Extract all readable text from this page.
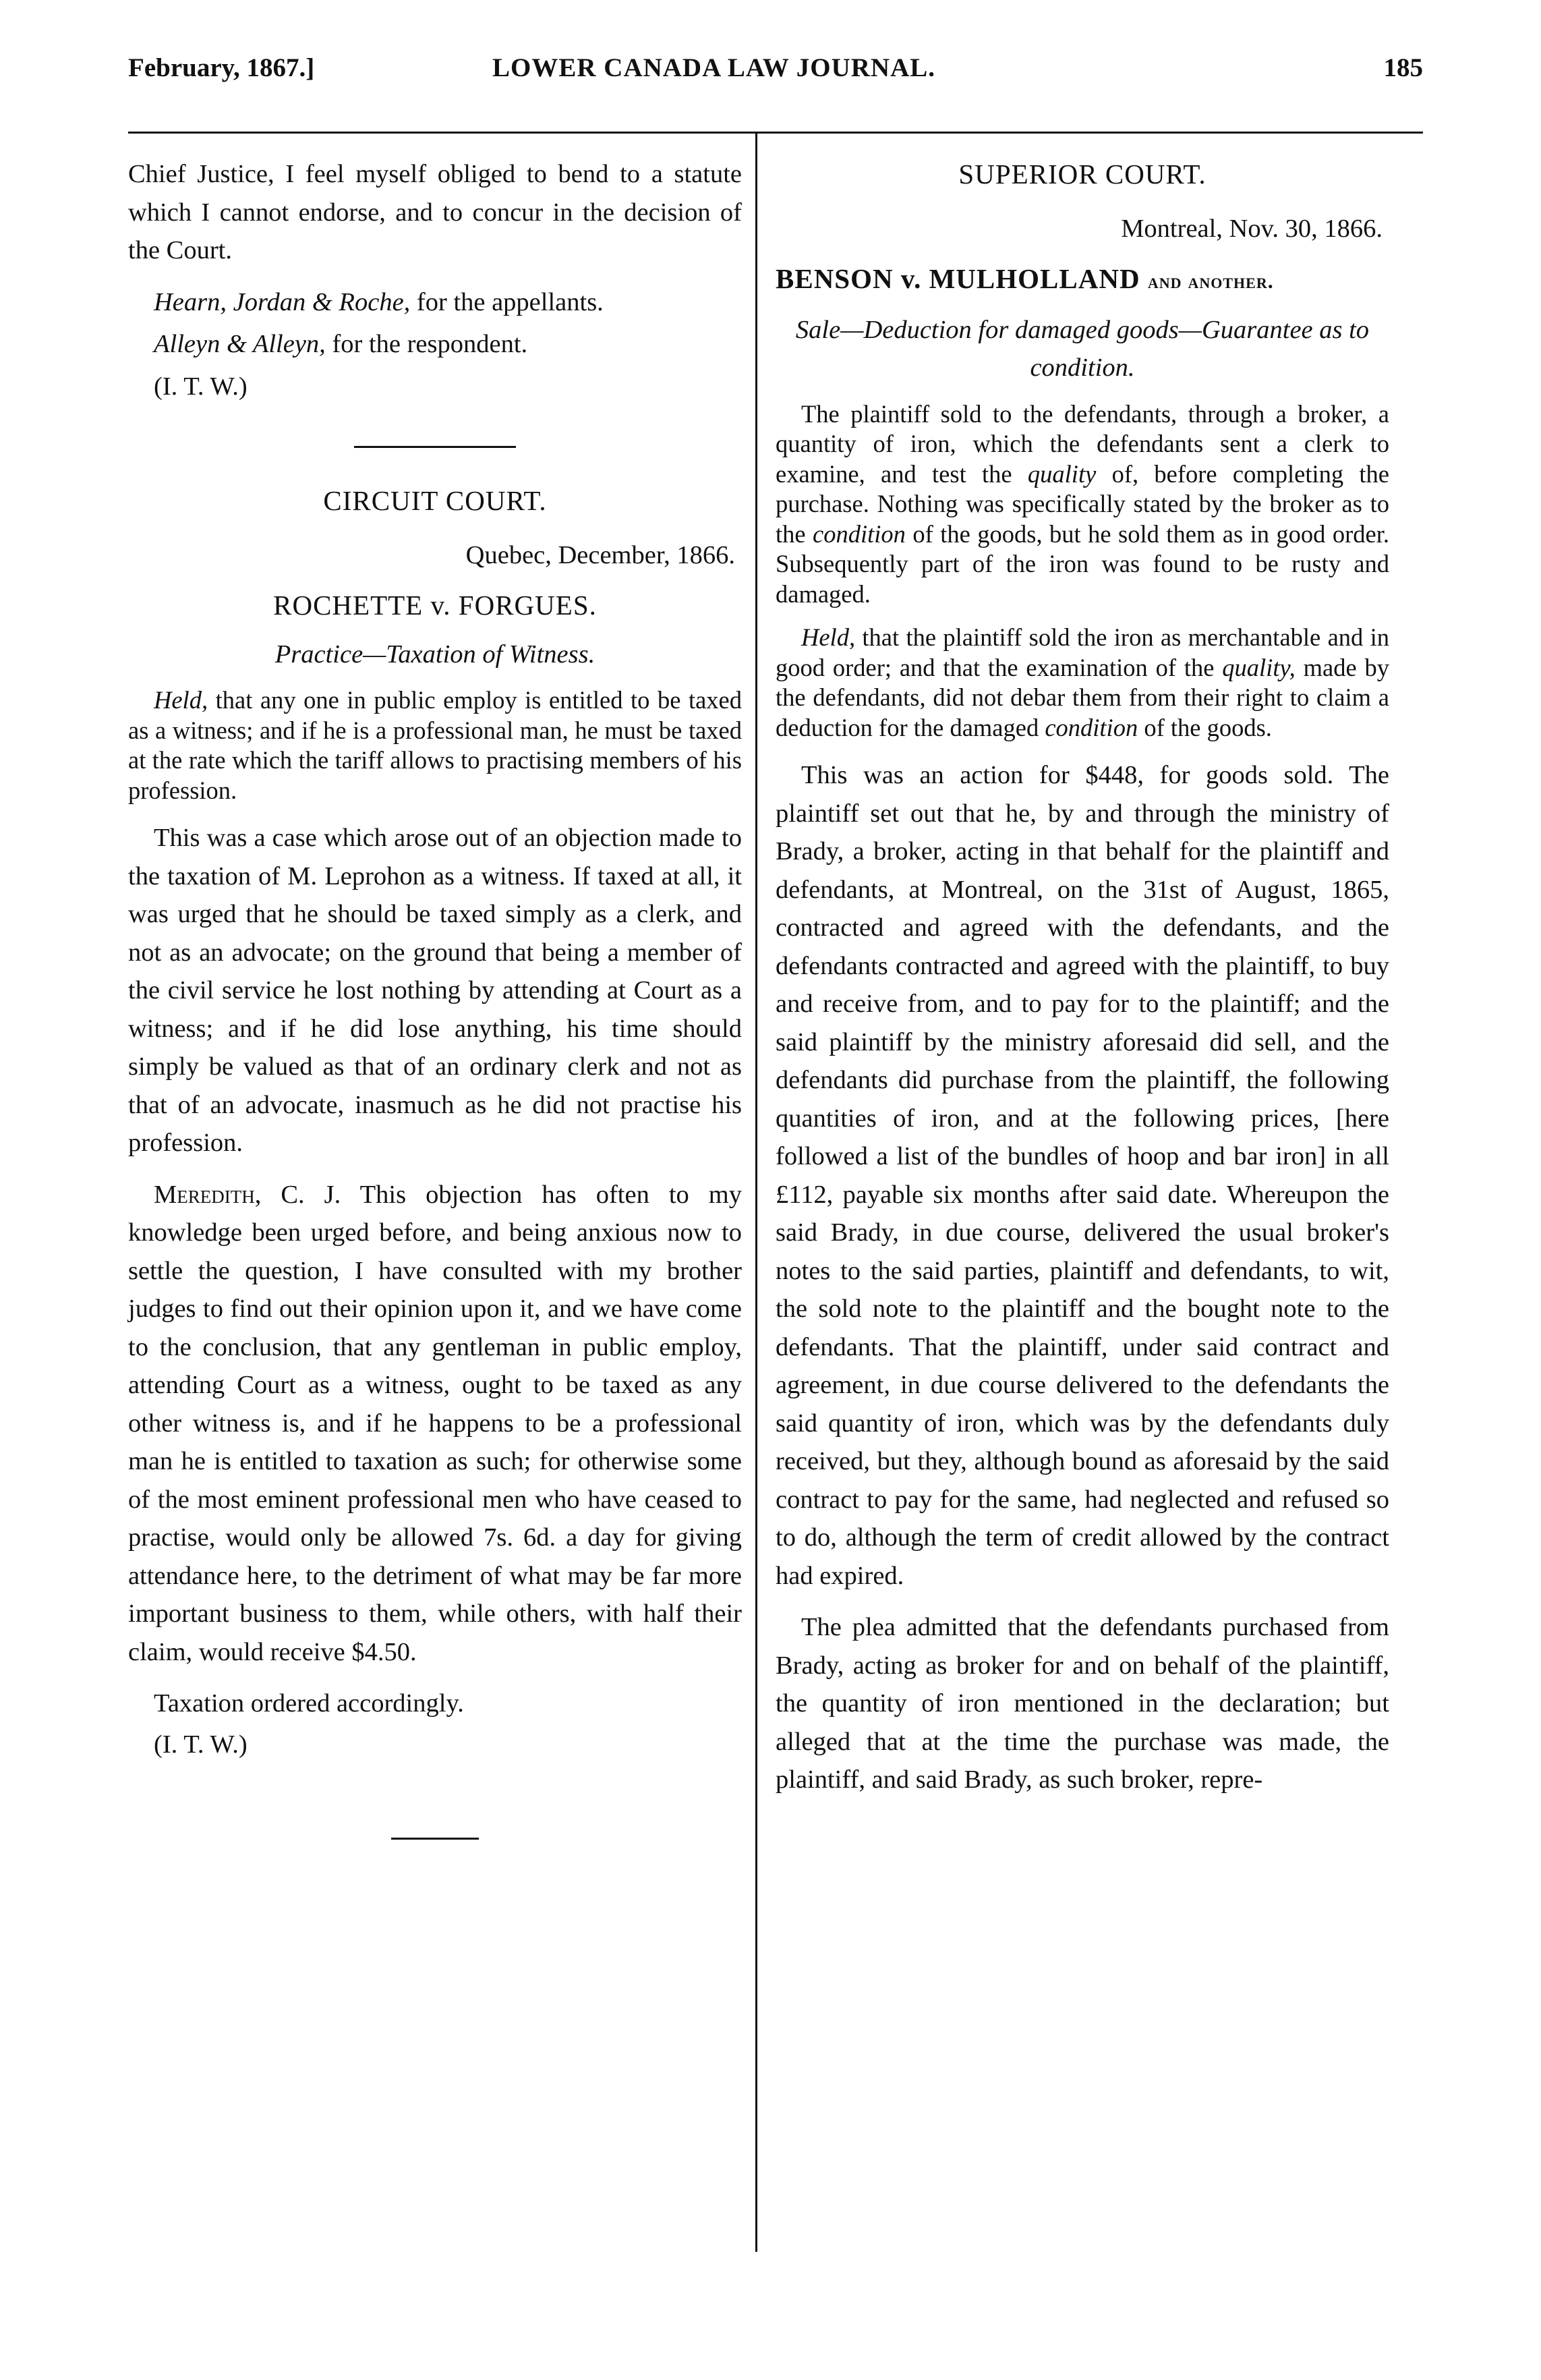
February, 1867.]	LOWER CANADA LAW JOURNAL.	185

Chief Justice, I feel myself obliged to bend to a statute which I cannot endorse, and to concur in the decision of the Court.

Hearn, Jordan & Roche, for the appellants.
Alleyn & Alleyn, for the respondent.
(I. T. W.)
CIRCUIT COURT.
Quebec, December, 1866.
ROCHETTE v. FORGUES.
Practice—Taxation of Witness.

Held, that any one in public employ is entitled to be taxed as a witness; and if he is a professional man, he must be taxed at the rate which the tariff allows to practising members of his profession.

This was a case which arose out of an objection made to the taxation of M. Leprohon as a witness. If taxed at all, it was urged that he should be taxed simply as a clerk, and not as an advocate; on the ground that being a member of the civil service he lost nothing by attending at Court as a witness; and if he did lose anything, his time should simply be valued as that of an ordinary clerk and not as that of an advocate, inasmuch as he did not practise his profession.

Meredith, C. J. This objection has often to my knowledge been urged before, and being anxious now to settle the question, I have consulted with my brother judges to find out their opinion upon it, and we have come to the conclusion, that any gentleman in public employ, attending Court as a witness, ought to be taxed as any other witness is, and if he happens to be a professional man he is entitled to taxation as such; for otherwise some of the most eminent professional men who have ceased to practise, would only be allowed 7s. 6d. a day for giving attendance here, to the detriment of what may be far more important business to them, while others, with half their claim, would receive $4.50.

Taxation ordered accordingly.

(I. T. W.)
SUPERIOR COURT.
Montreal, Nov. 30, 1866.
BENSON v. MULHOLLAND and another.
Sale—Deduction for damaged goods—Guarantee as to condition.

The plaintiff sold to the defendants, through a broker, a quantity of iron, which the defendants sent a clerk to examine, and test the quality of, before completing the purchase. Nothing was specifically stated by the broker as to the condition of the goods, but he sold them as in good order. Subsequently part of the iron was found to be rusty and damaged.

Held, that the plaintiff sold the iron as merchantable and in good order; and that the examination of the quality, made by the defendants, did not debar them from their right to claim a deduction for the damaged condition of the goods.

This was an action for $448, for goods sold. The plaintiff set out that he, by and through the ministry of Brady, a broker, acting in that behalf for the plaintiff and defendants, at Montreal, on the 31st of August, 1865, contracted and agreed with the defendants, and the defendants contracted and agreed with the plaintiff, to buy and receive from, and to pay for to the plaintiff; and the said plaintiff by the ministry aforesaid did sell, and the defendants did purchase from the plaintiff, the following quantities of iron, and at the following prices, [here followed a list of the bundles of hoop and bar iron] in all £112, payable six months after said date. Whereupon the said Brady, in due course, delivered the usual broker's notes to the said parties, plaintiff and defendants, to wit, the sold note to the plaintiff and the bought note to the defendants. That the plaintiff, under said contract and agreement, in due course delivered to the defendants the said quantity of iron, which was by the defendants duly received, but they, although bound as aforesaid by the said contract to pay for the same, had neglected and refused so to do, although the term of credit allowed by the contract had expired.

The plea admitted that the defendants purchased from Brady, acting as broker for and on behalf of the plaintiff, the quantity of iron mentioned in the declaration; but alleged that at the time the purchase was made, the plaintiff, and said Brady, as such broker, repre-
